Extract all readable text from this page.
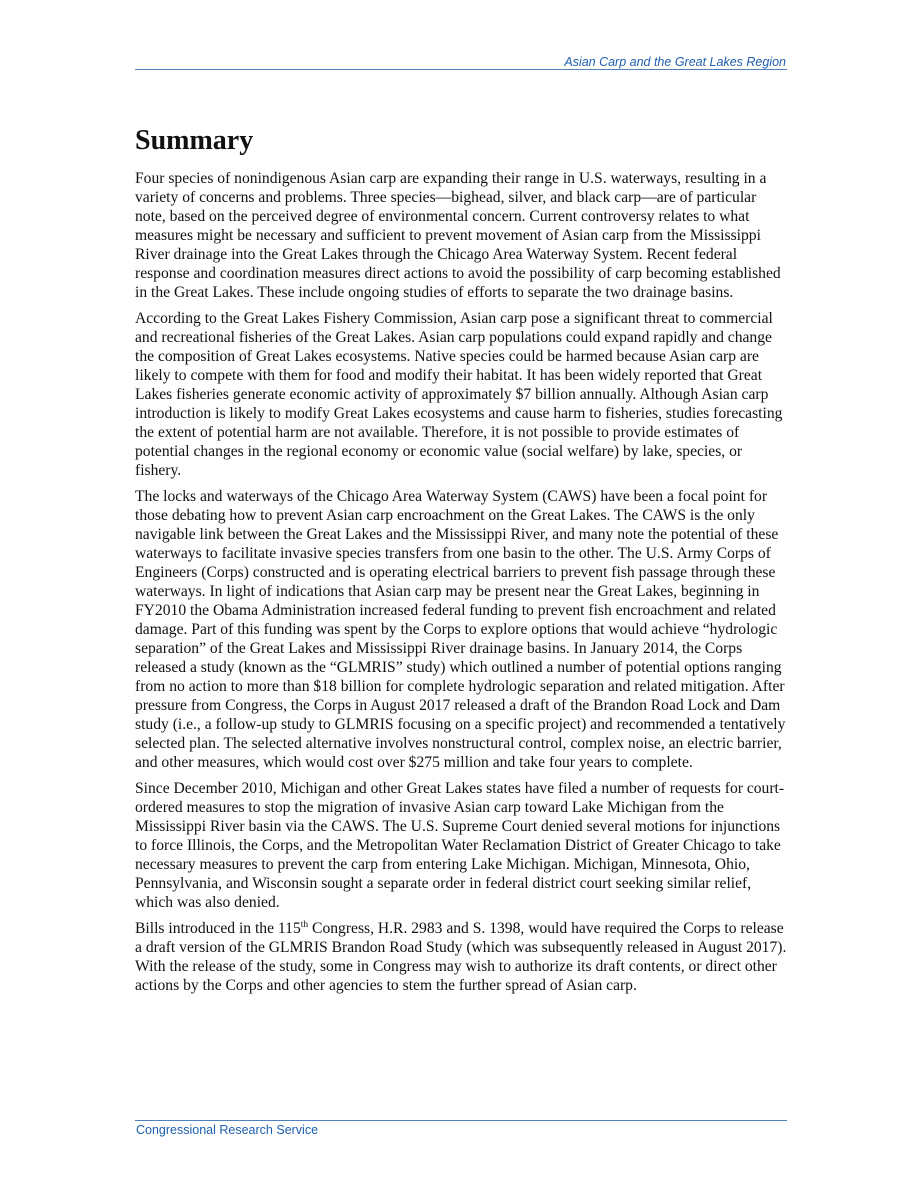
Asian Carp and the Great Lakes Region
Summary

Four species of nonindigenous Asian carp are expanding their range in U.S. waterways, resulting in a variety of concerns and problems. Three species—bighead, silver, and black carp—are of particular note, based on the perceived degree of environmental concern. Current controversy relates to what measures might be necessary and sufficient to prevent movement of Asian carp from the Mississippi River drainage into the Great Lakes through the Chicago Area Waterway System. Recent federal response and coordination measures direct actions to avoid the possibility of carp becoming established in the Great Lakes. These include ongoing studies of efforts to separate the two drainage basins.

According to the Great Lakes Fishery Commission, Asian carp pose a significant threat to commercial and recreational fisheries of the Great Lakes. Asian carp populations could expand rapidly and change the composition of Great Lakes ecosystems. Native species could be harmed because Asian carp are likely to compete with them for food and modify their habitat. It has been widely reported that Great Lakes fisheries generate economic activity of approximately $7 billion annually. Although Asian carp introduction is likely to modify Great Lakes ecosystems and cause harm to fisheries, studies forecasting the extent of potential harm are not available. Therefore, it is not possible to provide estimates of potential changes in the regional economy or economic value (social welfare) by lake, species, or fishery.

The locks and waterways of the Chicago Area Waterway System (CAWS) have been a focal point for those debating how to prevent Asian carp encroachment on the Great Lakes. The CAWS is the only navigable link between the Great Lakes and the Mississippi River, and many note the potential of these waterways to facilitate invasive species transfers from one basin to the other. The U.S. Army Corps of Engineers (Corps) constructed and is operating electrical barriers to prevent fish passage through these waterways. In light of indications that Asian carp may be present near the Great Lakes, beginning in FY2010 the Obama Administration increased federal funding to prevent fish encroachment and related damage. Part of this funding was spent by the Corps to explore options that would achieve “hydrologic separation” of the Great Lakes and Mississippi River drainage basins. In January 2014, the Corps released a study (known as the “GLMRIS” study) which outlined a number of potential options ranging from no action to more than $18 billion for complete hydrologic separation and related mitigation. After pressure from Congress, the Corps in August 2017 released a draft of the Brandon Road Lock and Dam study (i.e., a follow-up study to GLMRIS focusing on a specific project) and recommended a tentatively selected plan. The selected alternative involves nonstructural control, complex noise, an electric barrier, and other measures, which would cost over $275 million and take four years to complete.

Since December 2010, Michigan and other Great Lakes states have filed a number of requests for court-ordered measures to stop the migration of invasive Asian carp toward Lake Michigan from the Mississippi River basin via the CAWS. The U.S. Supreme Court denied several motions for injunctions to force Illinois, the Corps, and the Metropolitan Water Reclamation District of Greater Chicago to take necessary measures to prevent the carp from entering Lake Michigan. Michigan, Minnesota, Ohio, Pennsylvania, and Wisconsin sought a separate order in federal district court seeking similar relief, which was also denied.

Bills introduced in the 115th Congress, H.R. 2983 and S. 1398, would have required the Corps to release a draft version of the GLMRIS Brandon Road Study (which was subsequently released in August 2017). With the release of the study, some in Congress may wish to authorize its draft contents, or direct other actions by the Corps and other agencies to stem the further spread of Asian carp.

Congressional Research Service
